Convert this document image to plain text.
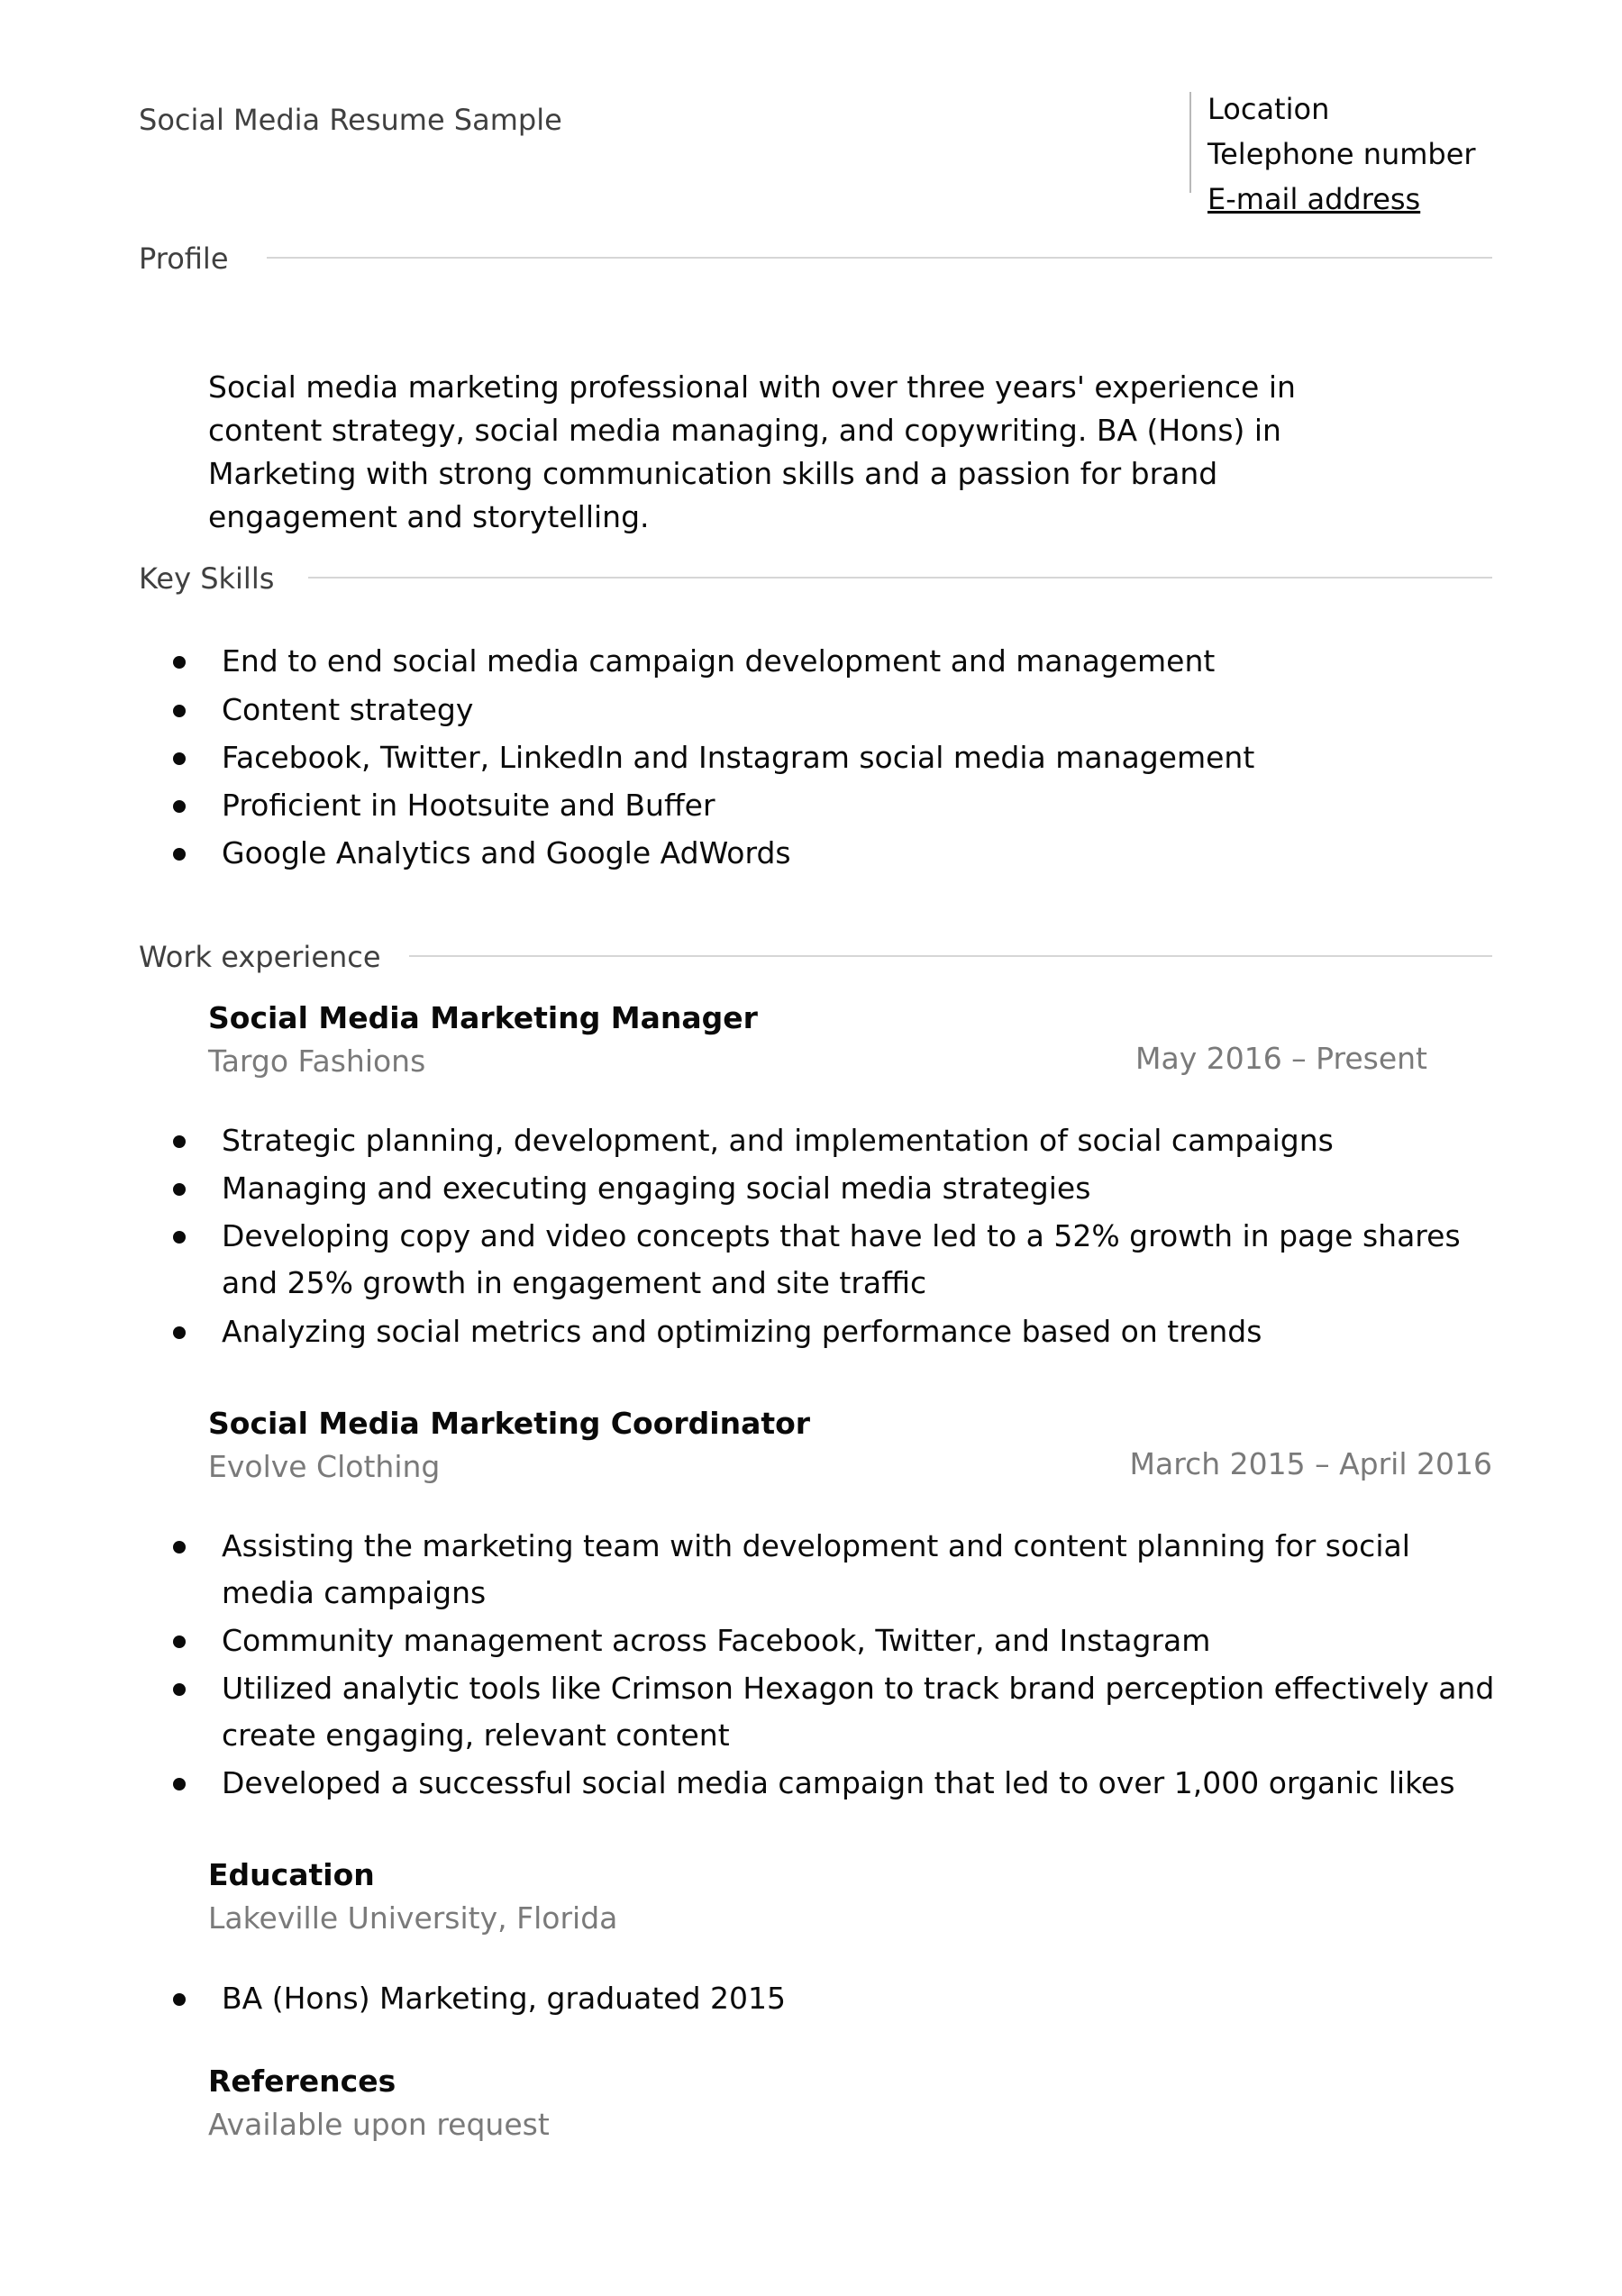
Social Media Resume Sample	Location
Telephone number
E-mail address
Profile
Social media marketing professional with over three years' experience in content strategy, social media managing, and copywriting. BA (Hons) in Marketing with strong communication skills and a passion for brand engagement and storytelling.
Key Skills
End to end social media campaign development and management
Content strategy
Facebook, Twitter, LinkedIn and Instagram social media management
Proficient in Hootsuite and Buffer
Google Analytics and Google AdWords
Work experience
Social Media Marketing Manager
Targo Fashions	May 2016 – Present
Strategic planning, development, and implementation of social campaigns
Managing and executing engaging social media strategies
Developing copy and video concepts that have led to a 52% growth in page shares and 25% growth in engagement and site traffic
Analyzing social metrics and optimizing performance based on trends
Social Media Marketing Coordinator
Evolve Clothing	March 2015 – April 2016
Assisting the marketing team with development and content planning for social media campaigns
Community management across Facebook, Twitter, and Instagram
Utilized analytic tools like Crimson Hexagon to track brand perception effectively and create engaging, relevant content
Developed a successful social media campaign that led to over 1,000 organic likes
Education
Lakeville University, Florida
BA (Hons) Marketing, graduated 2015
References
Available upon request
